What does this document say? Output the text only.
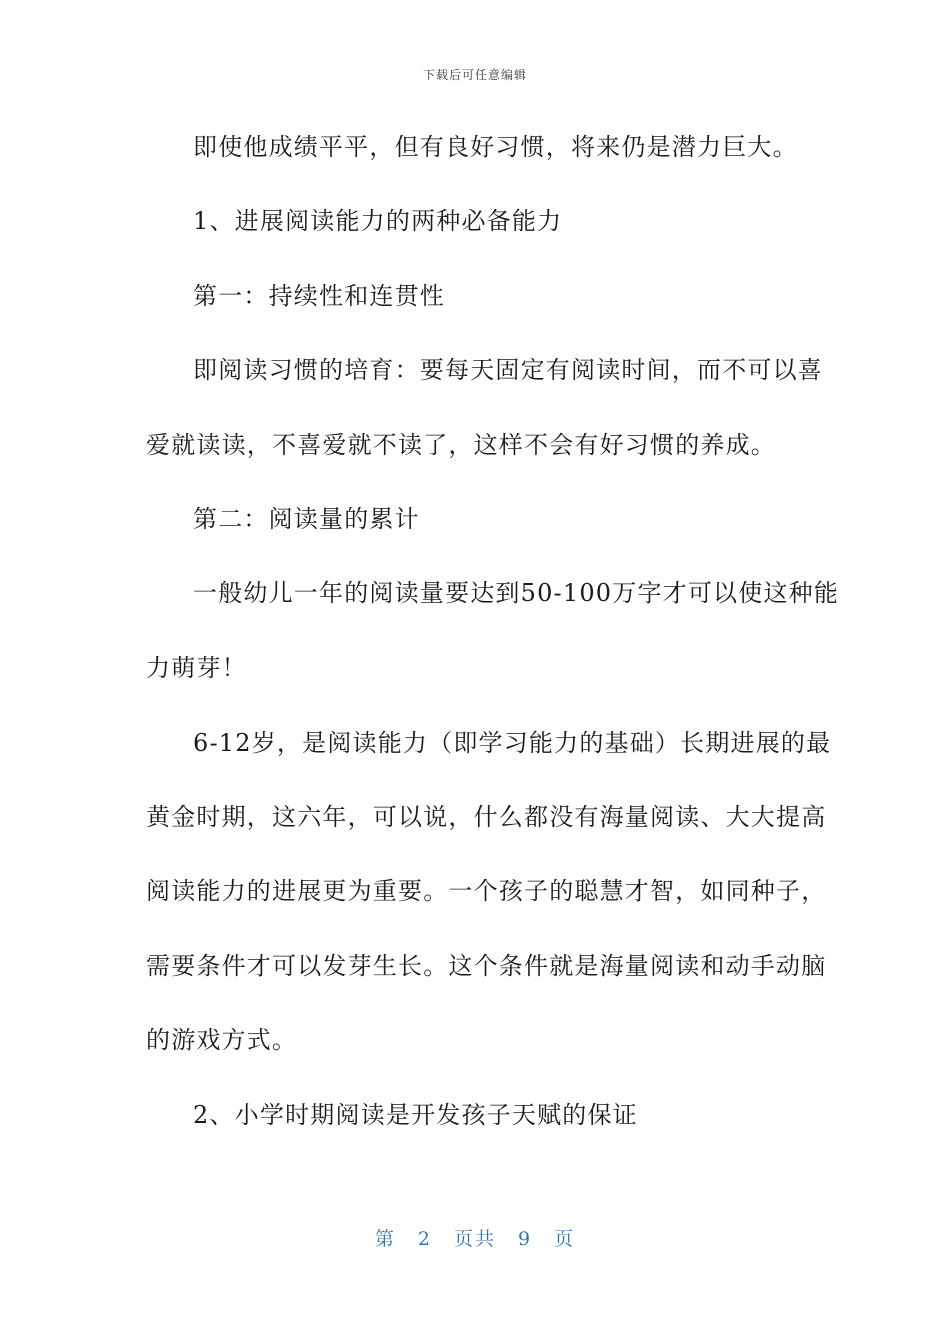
下载后可任意编辑
即使他成绩平平，但有良好习惯，将来仍是潜力巨大。
1、进展阅读能力的两种必备能力
第一：持续性和连贯性
即阅读习惯的培育：要每天固定有阅读时间，而不可以喜
爱就读读，不喜爱就不读了，这样不会有好习惯的养成。
第二：阅读量的累计
一般幼儿一年的阅读量要达到50-100万字才可以使这种能
力萌芽！
6-12岁，是阅读能力（即学习能力的基础）长期进展的最
黄金时期，这六年，可以说，什么都没有海量阅读、大大提高
阅读能力的进展更为重要。一个孩子的聪慧才智，如同种子，
需要条件才可以发芽生长。这个条件就是海量阅读和动手动脑
的游戏方式。
2、小学时期阅读是开发孩子天赋的保证
第 2 页共 9 页
